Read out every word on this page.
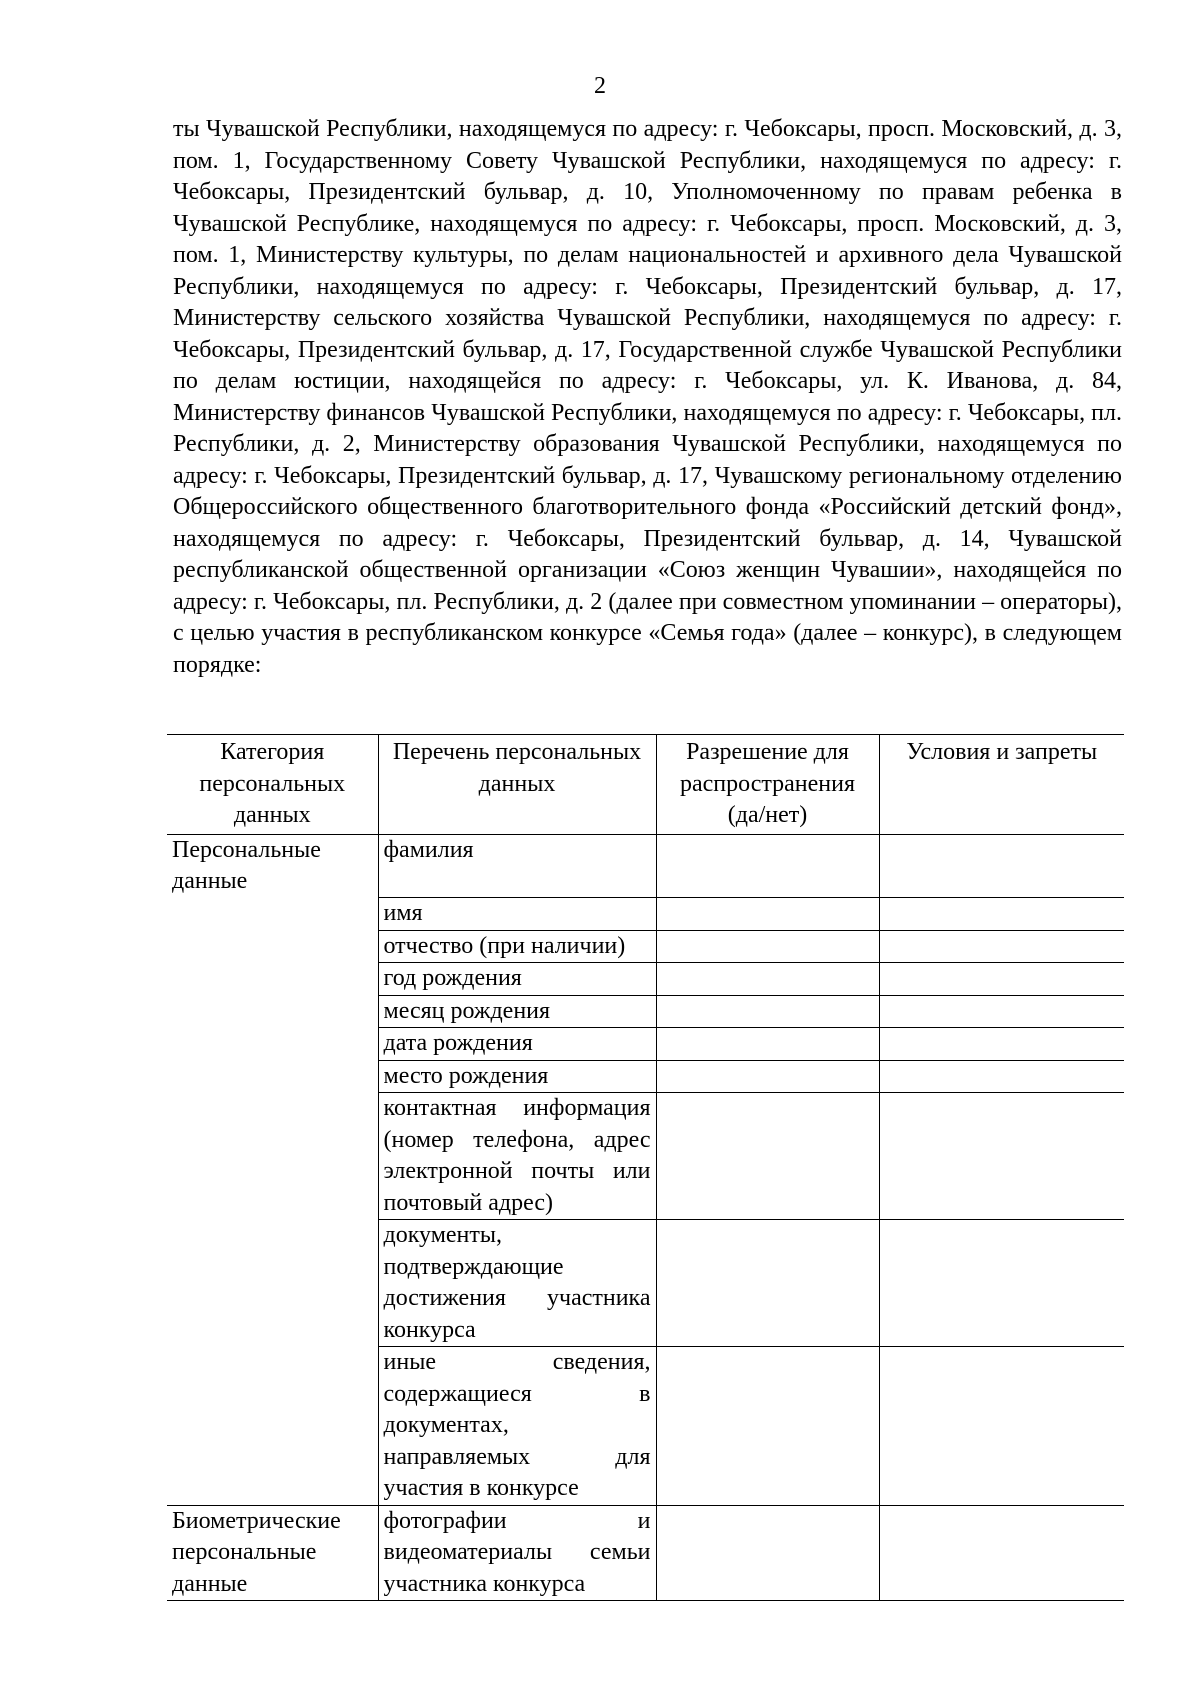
2

ты Чувашской Республики, находящемуся по адресу: г. Чебоксары, просп. Московский, д. 3, пом. 1, Государственному Совету Чувашской Республики, находящемуся по адресу: г. Чебоксары, Президентский бульвар, д. 10, Уполномоченному по правам ребенка в Чувашской Республике, находящемуся по адресу: г. Чебоксары, просп. Московский, д. 3, пом. 1, Министерству культуры, по делам национальностей и архивного дела Чувашской Республики, находящемуся по адресу: г. Чебоксары, Президентский бульвар, д. 17, Министерству сельского хозяйства Чувашской Республики, находящемуся по адресу: г. Чебоксары, Президентский бульвар, д. 17, Государственной службе Чувашской Республики по делам юстиции, находящейся по адресу: г. Чебоксары, ул. К. Иванова, д. 84, Министерству финансов Чувашской Республики, находящемуся по адресу: г. Чебоксары, пл. Республики, д. 2, Министерству образования Чувашской Республики, находящемуся по адресу: г. Чебоксары, Президентский бульвар, д. 17, Чувашскому региональному отделению Общероссийского общественного благотворительного фонда «Российский детский фонд», находящемуся по адресу: г. Чебоксары, Президентский бульвар, д. 14, Чувашской республиканской общественной организации «Союз женщин Чувашии», находящейся по адресу: г. Чебоксары, пл. Республики, д. 2 (далее при совместном упоминании – операторы), с целью участия в республиканском конкурсе «Семья года» (далее – конкурс), в следующем порядке:

Категория персональных данных	Перечень персональных данных	Разрешение для распространения (да/нет)	Условия и запреты
Персональные данные	фамилия		
	имя		
	отчество (при наличии)		
	год рождения		
	месяц рождения		
	дата рождения		
	место рождения		
	контактная информация (номер телефона, адрес электронной почты или почтовый адрес)		
	документы, подтверждающие достижения участника конкурса		
	иные сведения, содержащиеся в документах, направляемых для участия в конкурсе		
Биометрические персональные данные	фотографии и видеоматериалы семьи участника конкурса		
